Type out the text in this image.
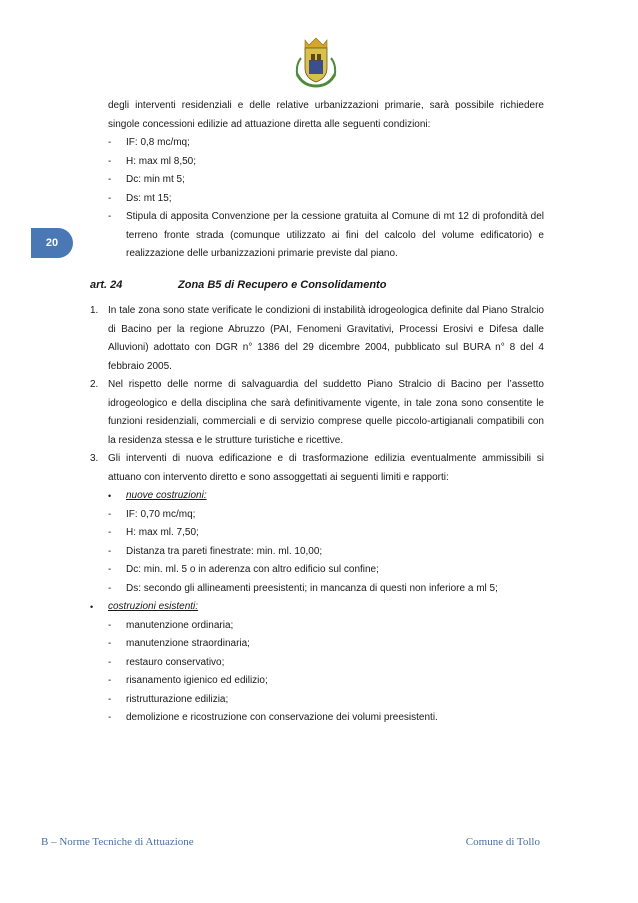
20
degli interventi residenziali e delle relative urbanizzazioni primarie, sarà possibile richiedere singole concessioni edilizie ad attuazione diretta alle seguenti condizioni:
-	IF: 0,8 mc/mq;
-	H: max ml 8,50;
-	Dc: min mt 5;
-	Ds: mt 15;
-	Stipula di apposita Convenzione per la cessione gratuita al Comune di mt 12 di profondità del terreno fronte strada (comunque utilizzato ai fini del calcolo del volume edificatorio) e realizzazione delle urbanizzazioni primarie previste dal piano.
art. 24	Zona B5 di Recupero e Consolidamento
1. In tale zona sono state verificate le condizioni di instabilità idrogeologica definite dal Piano Stralcio di Bacino per la regione Abruzzo (PAI, Fenomeni Gravitativi, Processi Erosivi e Difesa dalle Alluvioni) adottato con DGR n° 1386 del 29 dicembre 2004, pubblicato sul BURA n° 8 del 4 febbraio 2005.
2. Nel rispetto delle norme di salvaguardia del suddetto Piano Stralcio di Bacino per l’assetto idrogeologico e della disciplina che sarà definitivamente vigente, in tale zona sono consentite le funzioni residenziali, commerciali e di servizio comprese quelle piccolo-artigianali compatibili con la residenza stessa e le strutture turistiche e ricettive.
3. Gli interventi di nuova edificazione e di trasformazione edilizia eventualmente ammissibili si attuano con intervento diretto e sono assoggettati ai seguenti limiti e rapporti:
•	nuove costruzioni:
-	IF: 0,70 mc/mq;
-	H: max ml. 7,50;
-	Distanza tra pareti finestrate: min. ml. 10,00;
-	Dc: min. ml. 5 o in aderenza con altro edificio sul confine;
-	Ds: secondo gli allineamenti preesistenti; in mancanza di questi non inferiore a ml 5;
•	costruzioni esistenti:
-	manutenzione ordinaria;
-	manutenzione straordinaria;
-	restauro conservativo;
-	risanamento igienico ed edilizio;
-	ristrutturazione edilizia;
-	demolizione e ricostruzione con conservazione dei volumi preesistenti.
B – Norme Tecniche di Attuazione	Comune di Tollo
